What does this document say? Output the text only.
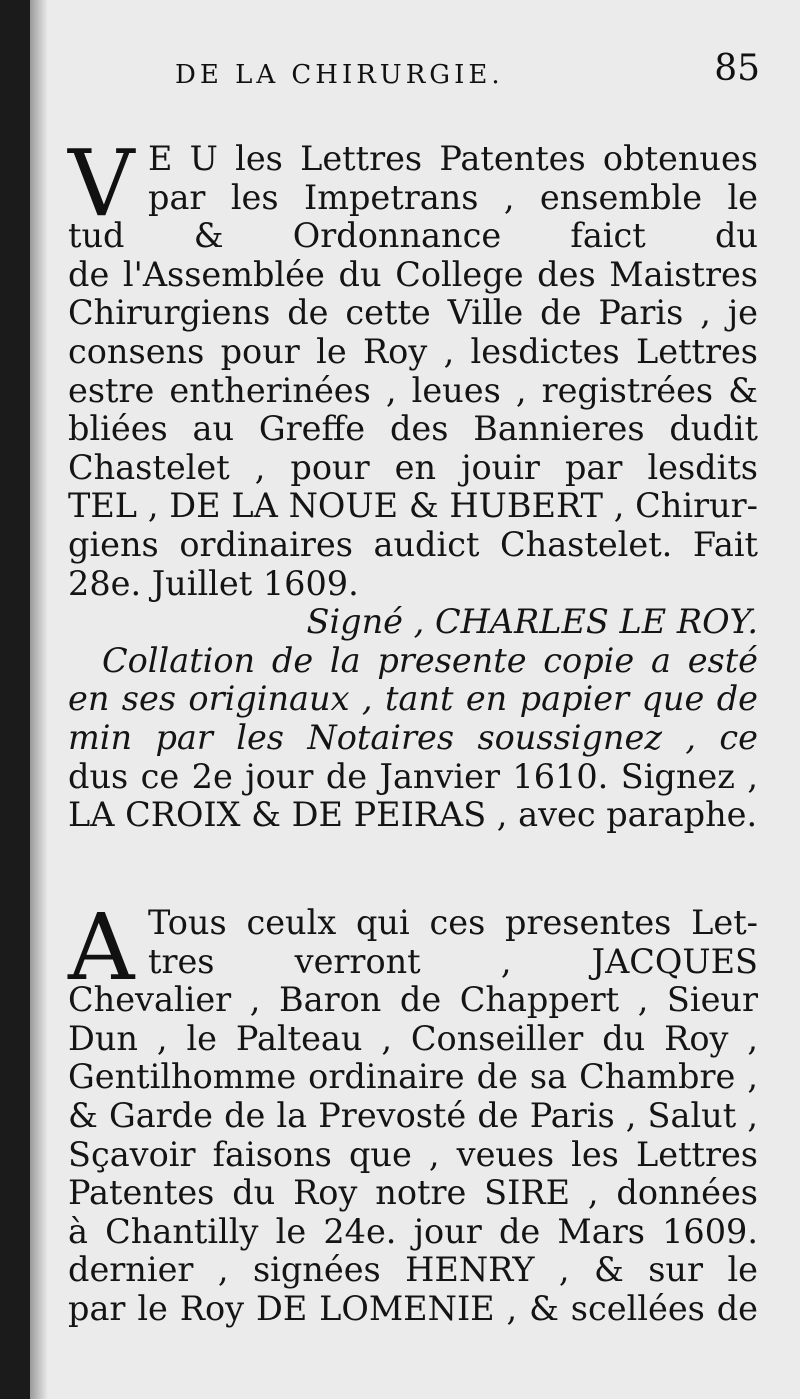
DE LA CHIRURGIE.	85
V E U les Lettres Patentes obtenues
par les Impetrans , ensemble le
tud & Ordonnance faict du
de l'Assemblée du College des Maistres
Chirurgiens de cette Ville de Paris , je
consens pour le Roy , lesdictes Lettres
estre entherinées , leues , registrées &
bliées au Greffe des Bannieres dudit
Chastelet , pour en jouir par lesdits
TEL , DE LA NOUE & HUBERT , Chirur-
giens ordinaires audict Chastelet. Fait
28e. Juillet 1609.
Signé , CHARLES LE ROY.
Collation de la presente copie a esté
en ses originaux , tant en papier que de
min par les Notaires soussignez , ce
dus ce 2e jour de Janvier 1610. Signez ,
LA CROIX & DE PEIRAS , avec paraphe.
A Tous ceulx qui ces presentes Let-
tres verront , JACQUES
Chevalier , Baron de Chappert , Sieur
Dun , le Palteau , Conseiller du Roy ,
Gentilhomme ordinaire de sa Chambre ,
& Garde de la Prevosté de Paris , Salut ,
Sçavoir faisons que , veues les Lettres
Patentes du Roy notre SIRE , données
à Chantilly le 24e. jour de Mars 1609.
dernier , signées HENRY , & sur le
par le Roy DE LOMENIE , & scellées de
